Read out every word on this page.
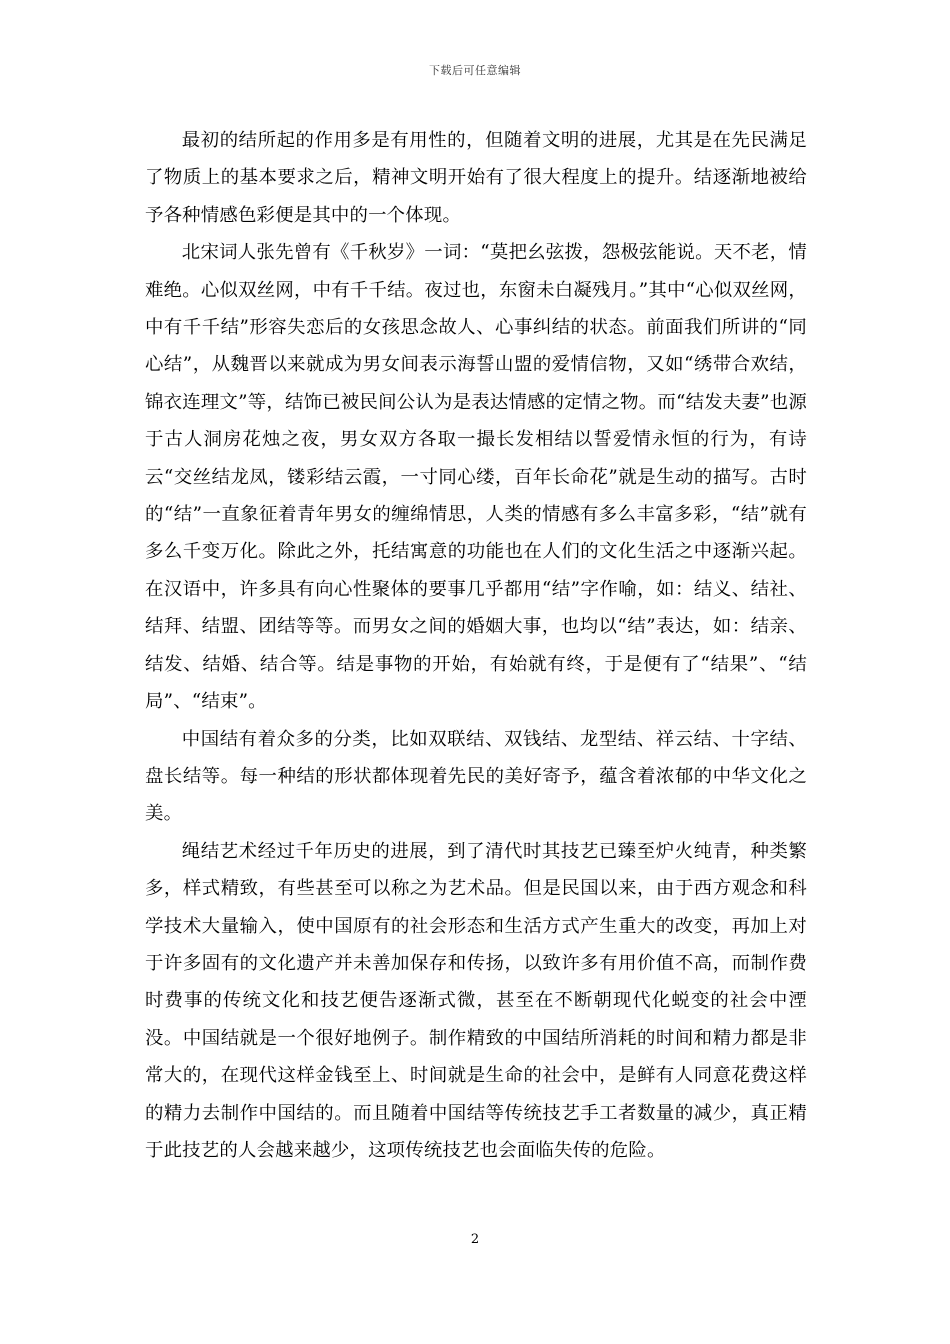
下载后可任意编辑

最初的结所起的作用多是有用性的，但随着文明的进展，尤其是在先民满足了物质上的基本要求之后，精神文明开始有了很大程度上的提升。结逐渐地被给予各种情感色彩便是其中的一个体现。

北宋词人张先曾有《千秋岁》一词：“莫把幺弦拨，怨极弦能说。天不老，情难绝。心似双丝网，中有千千结。夜过也，东窗未白凝残月。”其中“心似双丝网，中有千千结”形容失恋后的女孩思念故人、心事纠结的状态。前面我们所讲的“同心结”，从魏晋以来就成为男女间表示海誓山盟的爱情信物，又如“绣带合欢结，锦衣连理文”等，结饰已被民间公认为是表达情感的定情之物。而“结发夫妻”也源于古人洞房花烛之夜，男女双方各取一撮长发相结以誓爱情永恒的行为，有诗云“交丝结龙凤，镂彩结云霞，一寸同心缕，百年长命花”就是生动的描写。古时的“结”一直象征着青年男女的缠绵情思，人类的情感有多么丰富多彩，“结”就有多么千变万化。除此之外，托结寓意的功能也在人们的文化生活之中逐渐兴起。在汉语中，许多具有向心性聚体的要事几乎都用“结”字作喻，如：结义、结社、结拜、结盟、团结等等。而男女之间的婚姻大事，也均以“结”表达，如：结亲、结发、结婚、结合等。结是事物的开始，有始就有终，于是便有了“结果”、“结局”、“结束”。

中国结有着众多的分类，比如双联结、双钱结、龙型结、祥云结、十字结、盘长结等。每一种结的形状都体现着先民的美好寄予，蕴含着浓郁的中华文化之美。

绳结艺术经过千年历史的进展，到了清代时其技艺已臻至炉火纯青，种类繁多，样式精致，有些甚至可以称之为艺术品。但是民国以来，由于西方观念和科学技术大量输入，使中国原有的社会形态和生活方式产生重大的改变，再加上对于许多固有的文化遗产并未善加保存和传扬，以致许多有用价值不高，而制作费时费事的传统文化和技艺便告逐渐式微，甚至在不断朝现代化蜕变的社会中湮没。中国结就是一个很好地例子。制作精致的中国结所消耗的时间和精力都是非常大的，在现代这样金钱至上、时间就是生命的社会中，是鲜有人同意花费这样的精力去制作中国结的。而且随着中国结等传统技艺手工者数量的减少，真正精于此技艺的人会越来越少，这项传统技艺也会面临失传的危险。

2
